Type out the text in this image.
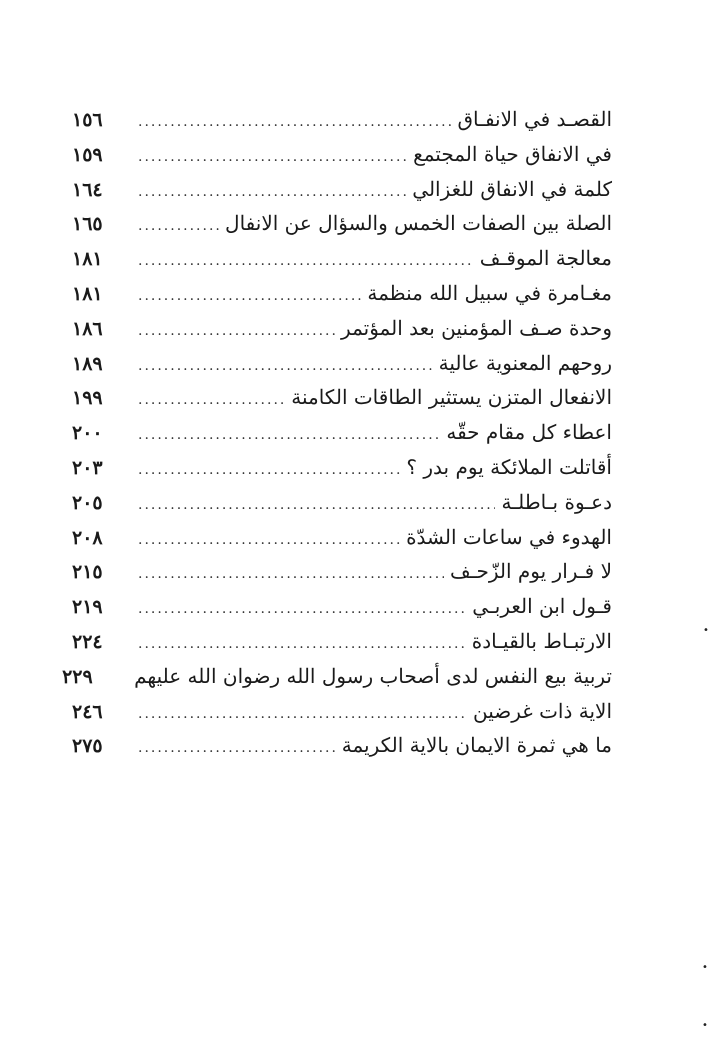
القصـد في الانفـاق
.....
١٥٦
في الانفاق حياة المجتمع
.....
١٥٩
كلمة في الانفاق للغزالي
.....
١٦٤
الصلة بين الصفات الخمس والسؤال عن الانفال
.....
١٦٥
معالجة الموقـف
.....
١٨١
مغـامرة في سبيل الله منظمة
.....
١٨١
وحدة صـف المؤمنين بعد المؤتمر
.....
١٨٦
روحهم المعنوية عالية
.....
١٨٩
الانفعال المتزن يستثير الطاقات الكامنة
.....
١٩٩
اعطاء كل مقام حقّه
.....
٢٠٠
أقاتلت الملائكة يوم بدر ؟
.....
٢٠٣
دعـوة بـاطلـة
.....
٢٠٥
الهدوء في ساعات الشدّة
.....
٢٠٨
لا فـرار يوم الزّحـف
.....
٢١٥
قـول ابن العربـي
.....
٢١٩
الارتبـاط بالقيـادة
.....
٢٢٤
تربية بيع النفس لدى أصحاب رسول الله رضوان الله عليهم
٢٢٩
الاية ذات غرضين
.....
٢٤٦
ما هي ثمرة الايمان بالاية الكريمة
.....
٢٧٥
•
•
•
